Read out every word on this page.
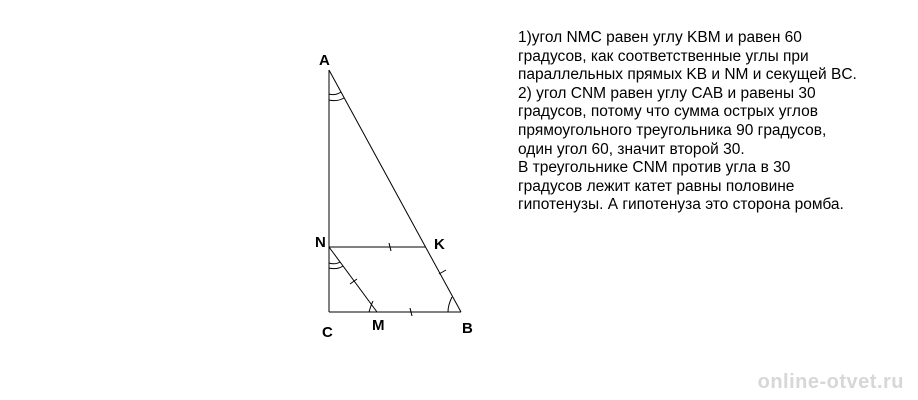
A
N	K
C	M	B
1)угол NMC равен углу KBM и равен 60
градусов, как соответственные углы при
параллельных прямых KB и NM и секущей BC.
2) угол CNM равен углу CAB и равены 30
градусов, потому что сумма острых углов
прямоугольного треугольника 90 градусов,
один угол 60, значит второй 30.
В треугольнике CNM против угла в 30
градусов лежит катет равны половине
гипотенузы. А гипотенуза это сторона ромба.
online-otvet.ru
